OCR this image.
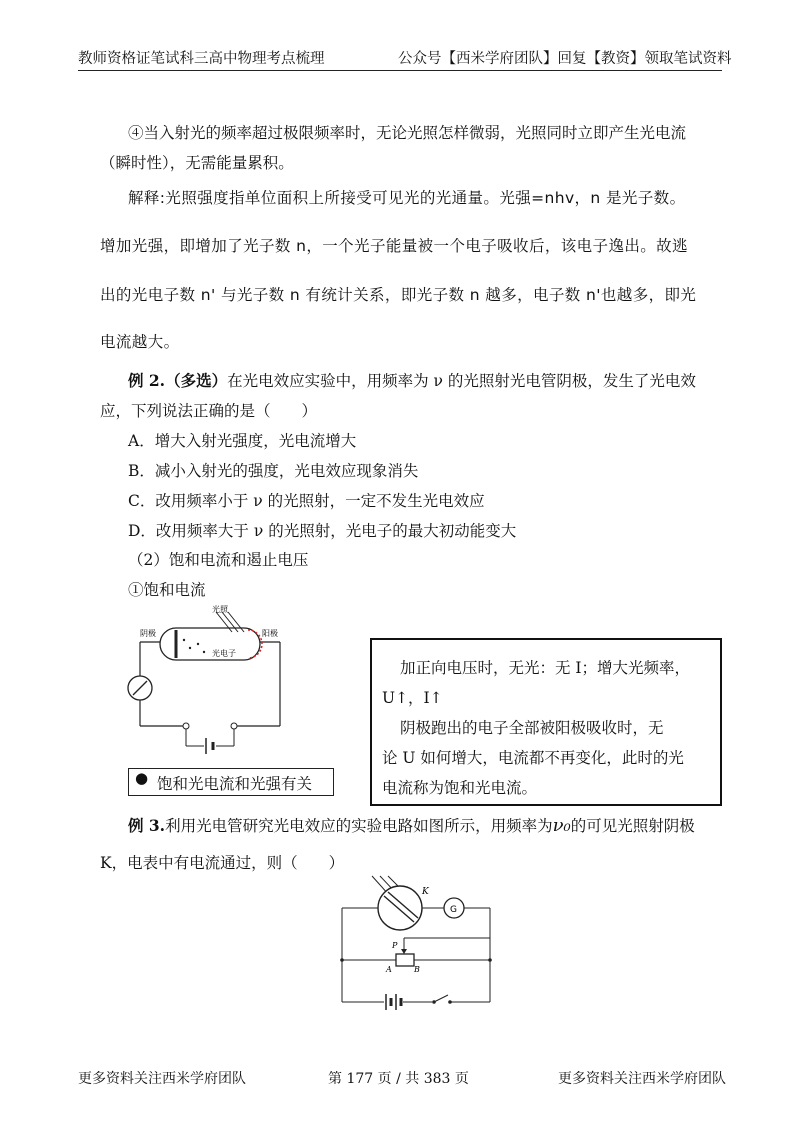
教师资格证笔试科三高中物理考点梳理	公众号【西米学府团队】回复【教资】领取笔试资料
④当入射光的频率超过极限频率时，无论光照怎样微弱，光照同时立即产生光电流
（瞬时性），无需能量累积。
解释:光照强度指单位面积上所接受可见光的光通量。光强=nhv，n 是光子数。
增加光强，即增加了光子数 n，一个光子能量被一个电子吸收后，该电子逸出。故逃
出的光电子数 n' 与光子数 n 有统计关系，即光子数 n 越多，电子数 n'也越多，即光
电流越大。
例 2.（多选）在光电效应实验中，用频率为 ν 的光照射光电管阴极，发生了光电效
应，下列说法正确的是（　　）
A．增大入射光强度，光电流增大
B．减小入射光的强度，光电效应现象消失
C．改用频率小于 ν 的光照射，一定不发生光电效应
D．改用频率大于 ν 的光照射，光电子的最大初动能变大
（2）饱和电流和遏止电压
①饱和电流
光照
阴极	阳极
光电子
● 饱和光电流和光强有关
加正向电压时，无光：无 I；增大光频率，
U↑，I↑
阴极跑出的电子全部被阳极吸收时，无
论 U 如何增大，电流都不再变化，此时的光
电流称为饱和光电流。
例 3.利用光电管研究光电效应的实验电路如图所示，用频率为ν₀的可见光照射阴极
K，电表中有电流通过，则（　　）
K
G
P
A	B
更多资料关注西米学府团队	第 177 页 / 共 383 页	更多资料关注西米学府团队
